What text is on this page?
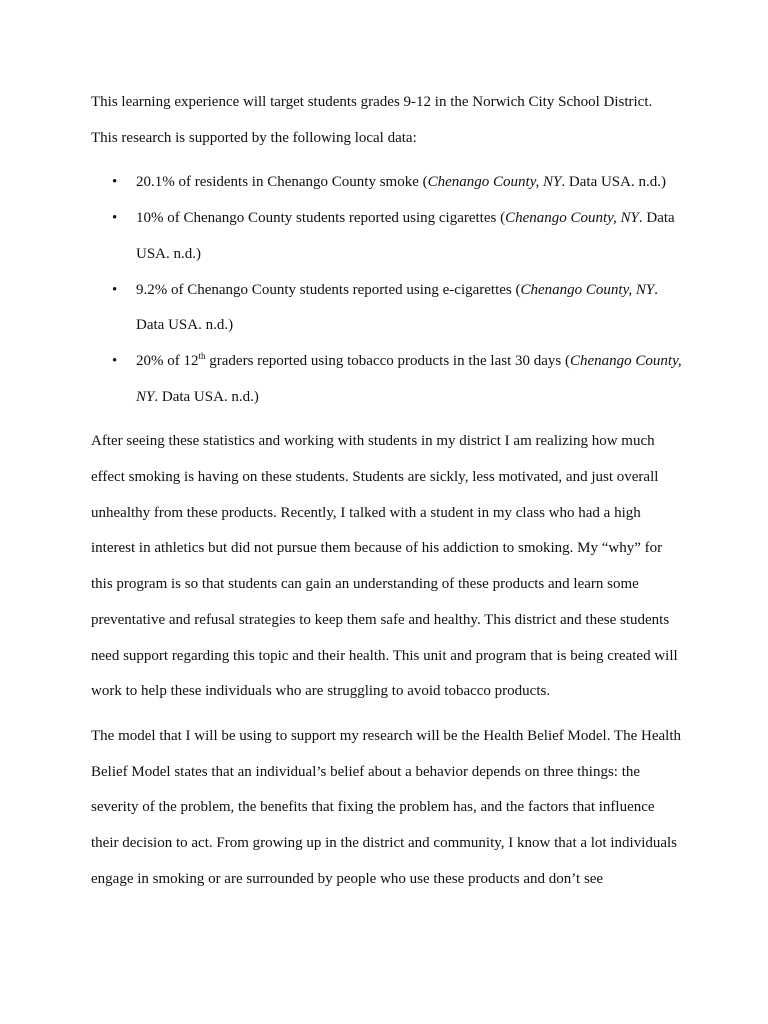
This learning experience will target students grades 9-12 in the Norwich City School District.

This research is supported by the following local data:

• 20.1% of residents in Chenango County smoke (Chenango County, NY. Data USA. n.d.)
• 10% of Chenango County students reported using cigarettes (Chenango County, NY. Data USA. n.d.)
• 9.2% of Chenango County students reported using e-cigarettes (Chenango County, NY. Data USA. n.d.)
• 20% of 12th graders reported using tobacco products in the last 30 days (Chenango County, NY. Data USA. n.d.)

After seeing these statistics and working with students in my district I am realizing how much effect smoking is having on these students. Students are sickly, less motivated, and just overall unhealthy from these products. Recently, I talked with a student in my class who had a high interest in athletics but did not pursue them because of his addiction to smoking. My “why” for this program is so that students can gain an understanding of these products and learn some preventative and refusal strategies to keep them safe and healthy. This district and these students need support regarding this topic and their health. This unit and program that is being created will work to help these individuals who are struggling to avoid tobacco products.

The model that I will be using to support my research will be the Health Belief Model. The Health Belief Model states that an individual’s belief about a behavior depends on three things: the severity of the problem, the benefits that fixing the problem has, and the factors that influence their decision to act. From growing up in the district and community, I know that a lot individuals engage in smoking or are surrounded by people who use these products and don’t see
